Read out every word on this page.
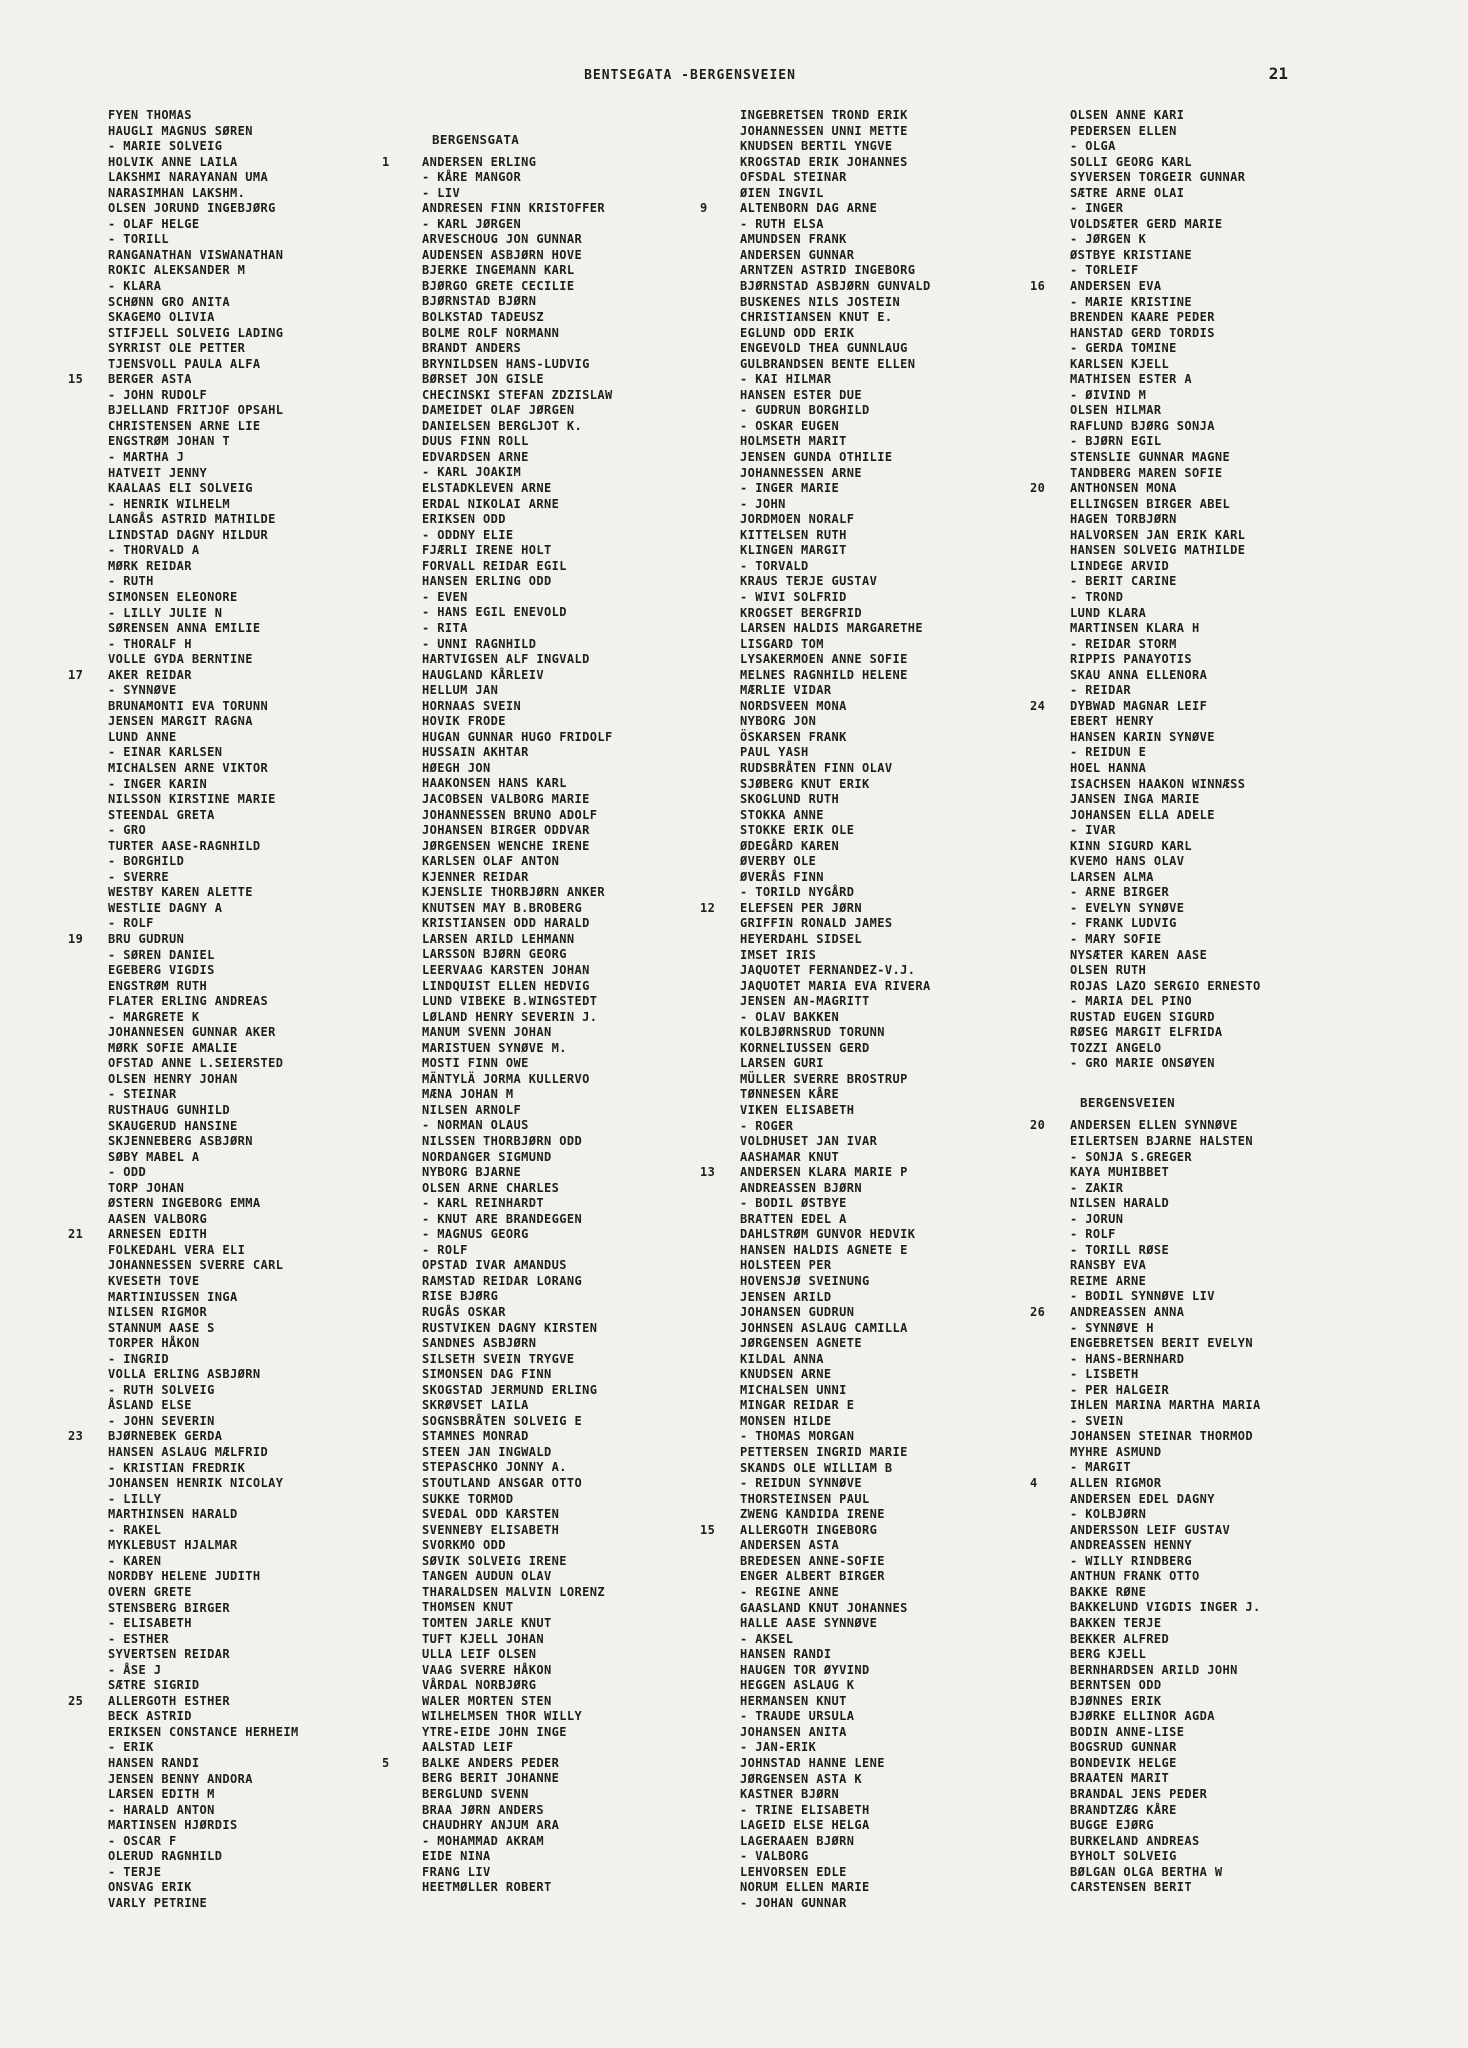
BENTSEGATA -BERGENSVEIEN	21
FYEN THOMAS
HAUGLI MAGNUS SØREN
- MARIE SOLVEIG
HOLVIK ANNE LAILA
LAKSHMI NARAYANAN UMA
NARASIMHAN LAKSHM.
OLSEN JORUND INGEBJØRG
- OLAF HELGE
- TORILL
RANGANATHAN VISWANATHAN
ROKIC ALEKSANDER M
- KLARA
SCHØNN GRO ANITA
SKAGEMO OLIVIA
STIFJELL SOLVEIG LADING
SYRRIST OLE PETTER
TJENSVOLL PAULA ALFA
15	BERGER ASTA
- JOHN RUDOLF
BJELLAND FRITJOF OPSAHL
CHRISTENSEN ARNE LIE
ENGSTRØM JOHAN T
- MARTHA J
HATVEIT JENNY
KAALAAS ELI SOLVEIG
- HENRIK WILHELM
LANGÅS ASTRID MATHILDE
LINDSTAD DAGNY HILDUR
- THORVALD A
MØRK REIDAR
- RUTH
SIMONSEN ELEONORE
- LILLY JULIE N
SØRENSEN ANNA EMILIE
- THORALF H
VOLLE GYDA BERNTINE
17	AKER REIDAR
- SYNNØVE
BRUNAMONTI EVA TORUNN
JENSEN MARGIT RAGNA
LUND ANNE
- EINAR KARLSEN
MICHALSEN ARNE VIKTOR
- INGER KARIN
NILSSON KIRSTINE MARIE
STEENDAL GRETA
- GRO
TURTER AASE-RAGNHILD
- BORGHILD
- SVERRE
WESTBY KAREN ALETTE
WESTLIE DAGNY A
- ROLF
19	BRU GUDRUN
- SØREN DANIEL
EGEBERG VIGDIS
ENGSTRØM RUTH
FLATER ERLING ANDREAS
- MARGRETE K
JOHANNESEN GUNNAR AKER
MØRK SOFIE AMALIE
OFSTAD ANNE L.SEIERSTED
OLSEN HENRY JOHAN
- STEINAR
RUSTHAUG GUNHILD
SKAUGERUD HANSINE
SKJENNEBERG ASBJØRN
SØBY MABEL A
- ODD
TORP JOHAN
ØSTERN INGEBORG EMMA
AASEN VALBORG
21	ARNESEN EDITH
FOLKEDAHL VERA ELI
JOHANNESSEN SVERRE CARL
KVESETH TOVE
MARTINIUSSEN INGA
NILSEN RIGMOR
STANNUM AASE S
TORPER HÅKON
- INGRID
VOLLA ERLING ASBJØRN
- RUTH SOLVEIG
ÅSLAND ELSE
- JOHN SEVERIN
23	BJØRNEBEK GERDA
HANSEN ASLAUG MÆLFRID
- KRISTIAN FREDRIK
JOHANSEN HENRIK NICOLAY
- LILLY
MARTHINSEN HARALD
- RAKEL
MYKLEBUST HJALMAR
- KAREN
NORDBY HELENE JUDITH
OVERN GRETE
STENSBERG BIRGER
- ELISABETH
- ESTHER
SYVERTSEN REIDAR
- ÅSE J
SÆTRE SIGRID
25	ALLERGOTH ESTHER
BECK ASTRID
ERIKSEN CONSTANCE HERHEIM
- ERIK
HANSEN RANDI
JENSEN BENNY ANDORA
LARSEN EDITH M
- HARALD ANTON
MARTINSEN HJØRDIS
- OSCAR F
OLERUD RAGNHILD
- TERJE
ONSVAG ERIK
VARLY PETRINE
BERGENSGATA
1	ANDERSEN ERLING
- KÅRE MANGOR
- LIV
ANDRESEN FINN KRISTOFFER
- KARL JØRGEN
ARVESCHOUG JON GUNNAR
AUDENSEN ASBJØRN HOVE
BJERKE INGEMANN KARL
BJØRGO GRETE CECILIE
BJØRNSTAD BJØRN
BOLKSTAD TADEUSZ
BOLME ROLF NORMANN
BRANDT ANDERS
BRYNILDSEN HANS-LUDVIG
BØRSET JON GISLE
CHECINSKI STEFAN ZDZISLAW
DAMEIDET OLAF JØRGEN
DANIELSEN BERGLJOT K.
DUUS FINN ROLL
EDVARDSEN ARNE
- KARL JOAKIM
ELSTADKLEVEN ARNE
ERDAL NIKOLAI ARNE
ERIKSEN ODD
- ODDNY ELIE
FJÆRLI IRENE HOLT
FORVALL REIDAR EGIL
HANSEN ERLING ODD
- EVEN
- HANS EGIL ENEVOLD
- RITA
- UNNI RAGNHILD
HARTVIGSEN ALF INGVALD
HAUGLAND KÅRLEIV
HELLUM JAN
HORNAAS SVEIN
HOVIK FRODE
HUGAN GUNNAR HUGO FRIDOLF
HUSSAIN AKHTAR
HØEGH JON
HAAKONSEN HANS KARL
JACOBSEN VALBORG MARIE
JOHANNESSEN BRUNO ADOLF
JOHANSEN BIRGER ODDVAR
JØRGENSEN WENCHE IRENE
KARLSEN OLAF ANTON
KJENNER REIDAR
KJENSLIE THORBJØRN ANKER
KNUTSEN MAY B.BROBERG
KRISTIANSEN ODD HARALD
LARSEN ARILD LEHMANN
LARSSON BJØRN GEORG
LEERVAAG KARSTEN JOHAN
LINDQUIST ELLEN HEDVIG
LUND VIBEKE B.WINGSTEDT
LØLAND HENRY SEVERIN J.
MANUM SVENN JOHAN
MARISTUEN SYNØVE M.
MOSTI FINN OWE
MÄNTYLÄ JORMA KULLERVO
MÆNA JOHAN M
NILSEN ARNOLF
- NORMAN OLAUS
NILSSEN THORBJØRN ODD
NORDANGER SIGMUND
NYBORG BJARNE
OLSEN ARNE CHARLES
- KARL REINHARDT
- KNUT ARE BRANDEGGEN
- MAGNUS GEORG
- ROLF
OPSTAD IVAR AMANDUS
RAMSTAD REIDAR LORANG
RISE BJØRG
RUGÅS OSKAR
RUSTVIKEN DAGNY KIRSTEN
SANDNES ASBJØRN
SILSETH SVEIN TRYGVE
SIMONSEN DAG FINN
SKOGSTAD JERMUND ERLING
SKRØVSET LAILA
SOGNSBRÅTEN SOLVEIG E
STAMNES MONRAD
STEEN JAN INGWALD
STEPASCHKO JONNY A.
STOUTLAND ANSGAR OTTO
SUKKE TORMOD
SVEDAL ODD KARSTEN
SVENNEBY ELISABETH
SVORKMO ODD
SØVIK SOLVEIG IRENE
TANGEN AUDUN OLAV
THARALDSEN MALVIN LORENZ
THOMSEN KNUT
TOMTEN JARLE KNUT
TUFT KJELL JOHAN
ULLA LEIF OLSEN
VAAG SVERRE HÅKON
VÅRDAL NORBJØRG
WALER MORTEN STEN
WILHELMSEN THOR WILLY
YTRE-EIDE JOHN INGE
AALSTAD LEIF
5	BALKE ANDERS PEDER
BERG BERIT JOHANNE
BERGLUND SVENN
BRAA JØRN ANDERS
CHAUDHRY ANJUM ARA
- MOHAMMAD AKRAM
EIDE NINA
FRANG LIV
HEETMØLLER ROBERT
INGEBRETSEN TROND ERIK
JOHANNESSEN UNNI METTE
KNUDSEN BERTIL YNGVE
KROGSTAD ERIK JOHANNES
OFSDAL STEINAR
ØIEN INGVIL
9	ALTENBORN DAG ARNE
- RUTH ELSA
AMUNDSEN FRANK
ANDERSEN GUNNAR
ARNTZEN ASTRID INGEBORG
BJØRNSTAD ASBJØRN GUNVALD
BUSKENES NILS JOSTEIN
CHRISTIANSEN KNUT E.
EGLUND ODD ERIK
ENGEVOLD THEA GUNNLAUG
GULBRANDSEN BENTE ELLEN
- KAI HILMAR
HANSEN ESTER DUE
- GUDRUN BORGHILD
- OSKAR EUGEN
HOLMSETH MARIT
JENSEN GUNDA OTHILIE
JOHANNESSEN ARNE
- INGER MARIE
- JOHN
JORDMOEN NORALF
KITTELSEN RUTH
KLINGEN MARGIT
- TORVALD
KRAUS TERJE GUSTAV
- WIVI SOLFRID
KROGSET BERGFRID
LARSEN HALDIS MARGARETHE
LISGARD TOM
LYSAKERMOEN ANNE SOFIE
MELNES RAGNHILD HELENE
MÆRLIE VIDAR
NORDSVEEN MONA
NYBORG JON
ÖSKARSEN FRANK
PAUL YASH
RUDSBRÅTEN FINN OLAV
SJØBERG KNUT ERIK
SKOGLUND RUTH
STOKKA ANNE
STOKKE ERIK OLE
ØDEGÅRD KAREN
ØVERBY OLE
ØVERÅS FINN
- TORILD NYGÅRD
12	ELEFSEN PER JØRN
GRIFFIN RONALD JAMES
HEYERDAHL SIDSEL
IMSET IRIS
JAQUOTET FERNANDEZ-V.J.
JAQUOTET MARIA EVA RIVERA
JENSEN AN-MAGRITT
- OLAV BAKKEN
KOLBJØRNSRUD TORUNN
KORNELIUSSEN GERD
LARSEN GURI
MÜLLER SVERRE BROSTRUP
TØNNESEN KÅRE
VIKEN ELISABETH
- ROGER
VOLDHUSET JAN IVAR
AASHAMAR KNUT
13	ANDERSEN KLARA MARIE P
ANDREASSEN BJØRN
- BODIL ØSTBYE
BRATTEN EDEL A
DAHLSTRØM GUNVOR HEDVIK
HANSEN HALDIS AGNETE E
HOLSTEEN PER
HOVENSJØ SVEINUNG
JENSEN ARILD
JOHANSEN GUDRUN
JOHNSEN ASLAUG CAMILLA
JØRGENSEN AGNETE
KILDAL ANNA
KNUDSEN ARNE
MICHALSEN UNNI
MINGAR REIDAR E
MONSEN HILDE
- THOMAS MORGAN
PETTERSEN INGRID MARIE
SKANDS OLE WILLIAM B
- REIDUN SYNNØVE
THORSTEINSEN PAUL
ZWENG KANDIDA IRENE
15	ALLERGOTH INGEBORG
ANDERSEN ASTA
BREDESEN ANNE-SOFIE
ENGER ALBERT BIRGER
- REGINE ANNE
GAASLAND KNUT JOHANNES
HALLE AASE SYNNØVE
- AKSEL
HANSEN RANDI
HAUGEN TOR ØYVIND
HEGGEN ASLAUG K
HERMANSEN KNUT
- TRAUDE URSULA
JOHANSEN ANITA
- JAN-ERIK
JOHNSTAD HANNE LENE
JØRGENSEN ASTA K
KASTNER BJØRN
- TRINE ELISABETH
LAGEID ELSE HELGA
LAGERAAEN BJØRN
- VALBORG
LEHVORSEN EDLE
NORUM ELLEN MARIE
- JOHAN GUNNAR
OLSEN ANNE KARI
PEDERSEN ELLEN
- OLGA
SOLLI GEORG KARL
SYVERSEN TORGEIR GUNNAR
SÆTRE ARNE OLAI
- INGER
VOLDSÆTER GERD MARIE
- JØRGEN K
ØSTBYE KRISTIANE
- TORLEIF
16	ANDERSEN EVA
- MARIE KRISTINE
BRENDEN KAARE PEDER
HANSTAD GERD TORDIS
- GERDA TOMINE
KARLSEN KJELL
MATHISEN ESTER A
- ØIVIND M
OLSEN HILMAR
RAFLUND BJØRG SONJA
- BJØRN EGIL
STENSLIE GUNNAR MAGNE
TANDBERG MAREN SOFIE
20	ANTHONSEN MONA
ELLINGSEN BIRGER ABEL
HAGEN TORBJØRN
HALVORSEN JAN ERIK KARL
HANSEN SOLVEIG MATHILDE
LINDEGE ARVID
- BERIT CARINE
- TROND
LUND KLARA
MARTINSEN KLARA H
- REIDAR STORM
RIPPIS PANAYOTIS
SKAU ANNA ELLENORA
- REIDAR
24	DYBWAD MAGNAR LEIF
EBERT HENRY
HANSEN KARIN SYNØVE
- REIDUN E
HOEL HANNA
ISACHSEN HAAKON WINNÆSS
JANSEN INGA MARIE
JOHANSEN ELLA ADELE
- IVAR
KINN SIGURD KARL
KVEMO HANS OLAV
LARSEN ALMA
- ARNE BIRGER
- EVELYN SYNØVE
- FRANK LUDVIG
- MARY SOFIE
NYSÆTER KAREN AASE
OLSEN RUTH
ROJAS LAZO SERGIO ERNESTO
- MARIA DEL PINO
RUSTAD EUGEN SIGURD
RØSEG MARGIT ELFRIDA
TOZZI ANGELO
- GRO MARIE ONSØYEN
BERGENSVEIEN
20	ANDERSEN ELLEN SYNNØVE
EILERTSEN BJARNE HALSTEN
- SONJA S.GREGER
KAYA MUHIBBET
- ZAKIR
NILSEN HARALD
- JORUN
- ROLF
- TORILL RØSE
RANSBY EVA
REIME ARNE
- BODIL SYNNØVE LIV
26	ANDREASSEN ANNA
- SYNNØVE H
ENGEBRETSEN BERIT EVELYN
- HANS-BERNHARD
- LISBETH
- PER HALGEIR
IHLEN MARINA MARTHA MARIA
- SVEIN
JOHANSEN STEINAR THORMOD
MYHRE ASMUND
- MARGIT
4	ALLEN RIGMOR
ANDERSEN EDEL DAGNY
- KOLBJØRN
ANDERSSON LEIF GUSTAV
ANDREASSEN HENNY
- WILLY RINDBERG
ANTHUN FRANK OTTO
BAKKE RØNE
BAKKELUND VIGDIS INGER J.
BAKKEN TERJE
BEKKER ALFRED
BERG KJELL
BERNHARDSEN ARILD JOHN
BERNTSEN ODD
BJØNNES ERIK
BJØRKE ELLINOR AGDA
BODIN ANNE-LISE
BOGSRUD GUNNAR
BONDEVIK HELGE
BRAATEN MARIT
BRANDAL JENS PEDER
BRANDTZÆG KÅRE
BUGGE EJØRG
BURKELAND ANDREAS
BYHOLT SOLVEIG
BØLGAN OLGA BERTHA W
CARSTENSEN BERIT
